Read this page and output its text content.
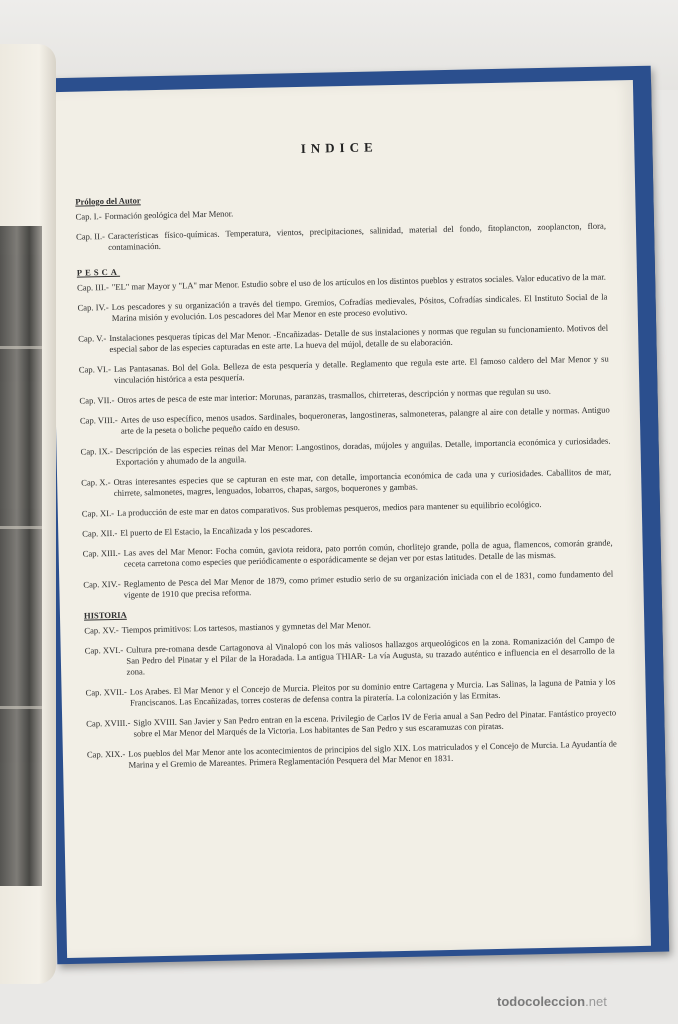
INDICE
Prólogo del Autor
Cap. I.- Formación geológica del Mar Menor.
Cap. II.- Características físico-químicas. Temperatura, vientos, precipitaciones, salinidad, material del fondo, fitoplancton, zooplancton, flora, contaminación.
PESCA
Cap. III.- "EL" mar Mayor y "LA" mar Menor. Estudio sobre el uso de los artículos en los distintos pueblos y estratos sociales. Valor educativo de la mar.
Cap. IV.- Los pescadores y su organización a través del tiempo. Gremios, Cofradías medievales, Pósitos, Cofradías sindicales. El Instituto Social de la Marina misión y evolución. Los pescadores del Mar Menor en este proceso evolutivo.
Cap. V.- Instalaciones pesqueras típicas del Mar Menor. -Encañizadas- Detalle de sus instalaciones y normas que regulan su funcionamiento. Motivos del especial sabor de las especies capturadas en este arte. La hueva del mújol, detalle de su elaboración.
Cap. VI.- Las Pantasanas. Bol del Gola. Belleza de esta pesquería y detalle. Reglamento que regula este arte. El famoso caldero del Mar Menor y su vinculación histórica a esta pesquería.
Cap. VII.- Otros artes de pesca de este mar interior: Morunas, paranzas, trasmallos, chirreteras, descripción y normas que regulan su uso.
Cap. VIII.- Artes de uso específico, menos usados. Sardinales, boqueroneras, langostineras, salmoneteras, palangre al aire con detalle y normas. Antiguo arte de la peseta o boliche pequeño caído en desuso.
Cap. IX.- Descripción de las especies reinas del Mar Menor: Langostinos, doradas, mújoles y anguilas. Detalle, importancia económica y curiosidades. Exportación y ahumado de la anguila.
Cap. X.- Otras interesantes especies que se capturan en este mar, con detalle, importancia económica de cada una y curiosidades. Caballitos de mar, chirrete, salmonetes, magres, lenguados, lobarros, chapas, sargos, boquerones y gambas.
Cap. XI.- La producción de este mar en datos comparativos. Sus problemas pesqueros, medios para mantener su equilibrio ecológico.
Cap. XII.- El puerto de El Estacio, la Encañizada y los pescadores.
Cap. XIII.- Las aves del Mar Menor: Focha común, gaviota reidora, pato porrón común, chorlitejo grande, polla de agua, flamencos, comorán grande, ceceta carretona como especies que periódicamente o esporádicamente se dejan ver por estas latitudes. Detalle de las mismas.
Cap. XIV.- Reglamento de Pesca del Mar Menor de 1879, como primer estudio serio de su organización iniciada con el de 1831, como fundamento del vigente de 1910 que precisa reforma.
HISTORIA
Cap. XV.- Tiempos primitivos: Los tartesos, mastianos y gymnetas del Mar Menor.
Cap. XVI.- Cultura pre-romana desde Cartagonova al Vinalopó con los más valiosos hallazgos arqueológicos en la zona. Romanización del Campo de San Pedro del Pinatar y el Pilar de la Horadada. La antigua THIAR- La vía Augusta, su trazado auténtico e influencia en el desarrollo de la zona.
Cap. XVII.- Los Arabes. El Mar Menor y el Concejo de Murcia. Pleitos por su dominio entre Cartagena y Murcia. Las Salinas, la laguna de Patnia y los Franciscanos. Las Encañizadas, torres costeras de defensa contra la piratería. La colonización y las Ermitas.
Cap. XVIII.- Siglo XVIII. San Javier y San Pedro entran en la escena. Privilegio de Carlos IV de Feria anual a San Pedro del Pinatar. Fantástico proyecto sobre el Mar Menor del Marqués de la Victoria. Los habitantes de San Pedro y sus escaramuzas con piratas.
Cap. XIX.- Los pueblos del Mar Menor ante los acontecimientos de principios del siglo XIX. Los matriculados y el Concejo de Murcia. La Ayudantía de Marina y el Gremio de Mareantes. Primera Reglamentación Pesquera del Mar Menor en 1831.
todocoleccion.net
